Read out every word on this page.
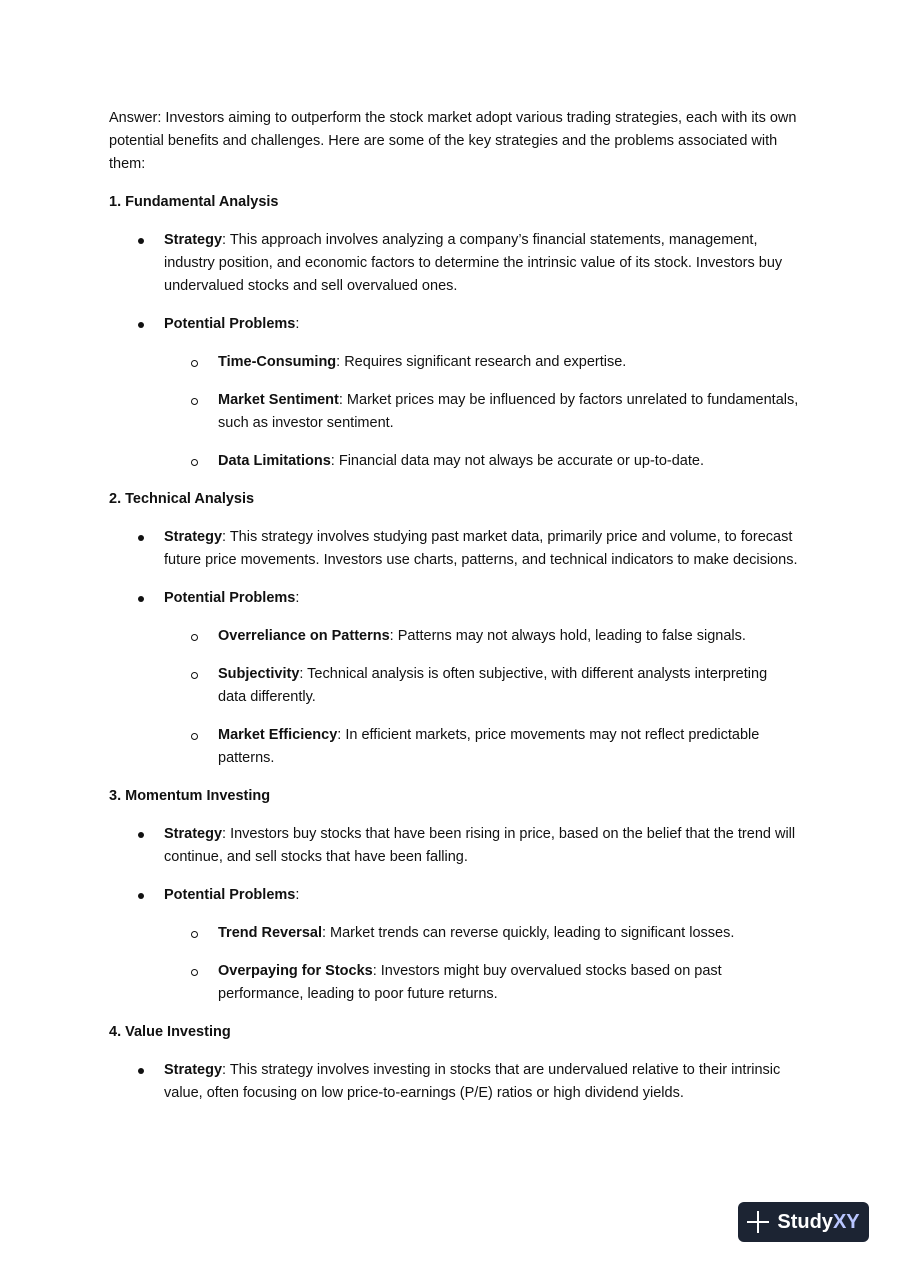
Answer: Investors aiming to outperform the stock market adopt various trading strategies, each with its own potential benefits and challenges. Here are some of the key strategies and the problems associated with them:

1. Fundamental Analysis

Strategy: This approach involves analyzing a company’s financial statements, management, industry position, and economic factors to determine the intrinsic value of its stock. Investors buy undervalued stocks and sell overvalued ones.
Potential Problems:
Time-Consuming: Requires significant research and expertise.
Market Sentiment: Market prices may be influenced by factors unrelated to fundamentals, such as investor sentiment.
Data Limitations: Financial data may not always be accurate or up-to-date.

2. Technical Analysis

Strategy: This strategy involves studying past market data, primarily price and volume, to forecast future price movements. Investors use charts, patterns, and technical indicators to make decisions.
Potential Problems:
Overreliance on Patterns: Patterns may not always hold, leading to false signals.
Subjectivity: Technical analysis is often subjective, with different analysts interpreting data differently.
Market Efficiency: In efficient markets, price movements may not reflect predictable patterns.

3. Momentum Investing

Strategy: Investors buy stocks that have been rising in price, based on the belief that the trend will continue, and sell stocks that have been falling.
Potential Problems:
Trend Reversal: Market trends can reverse quickly, leading to significant losses.
Overpaying for Stocks: Investors might buy overvalued stocks based on past performance, leading to poor future returns.

4. Value Investing

Strategy: This strategy involves investing in stocks that are undervalued relative to their intrinsic value, often focusing on low price-to-earnings (P/E) ratios or high dividend yields.
Study XY
